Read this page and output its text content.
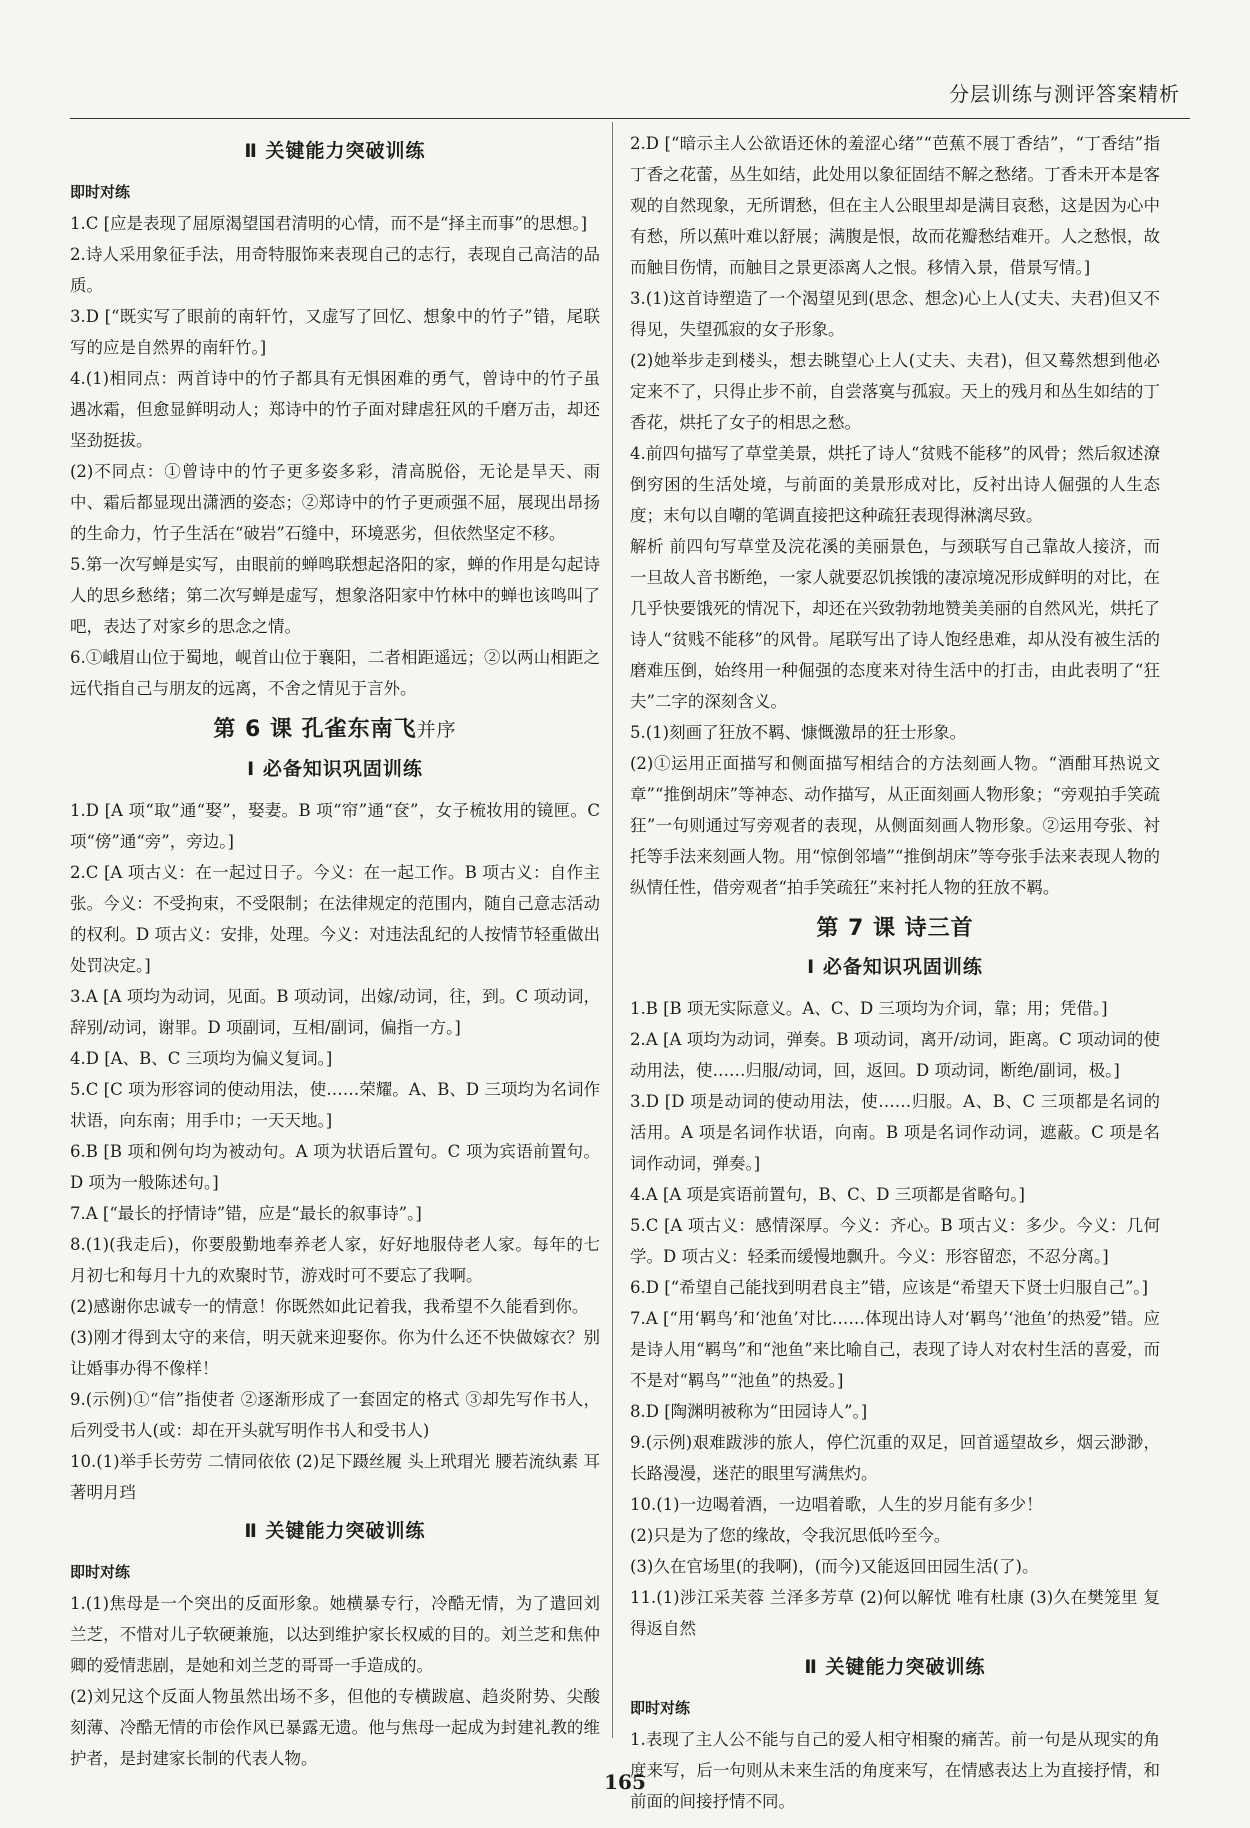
分层训练与测评答案精析
Ⅱ 关键能力突破训练
即时对练

1.C [应是表现了屈原渴望国君清明的心情，而不是“择主而事”的思想。]

2.诗人采用象征手法，用奇特服饰来表现自己的志行，表现自己高洁的品质。

3.D [“既实写了眼前的南轩竹，又虚写了回忆、想象中的竹子”错，尾联写的应是自然界的南轩竹。]

4.(1)相同点：两首诗中的竹子都具有无惧困难的勇气，曾诗中的竹子虽遇冰霜，但愈显鲜明动人；郑诗中的竹子面对肆虐狂风的千磨万击，却还坚劲挺拔。

(2)不同点：①曾诗中的竹子更多姿多彩，清高脱俗，无论是旱天、雨中、霜后都显现出潇洒的姿态；②郑诗中的竹子更顽强不屈，展现出昂扬的生命力，竹子生活在“破岩”石缝中，环境恶劣，但依然坚定不移。

5.第一次写蝉是实写，由眼前的蝉鸣联想起洛阳的家，蝉的作用是勾起诗人的思乡愁绪；第二次写蝉是虚写，想象洛阳家中竹林中的蝉也该鸣叫了吧，表达了对家乡的思念之情。

6.①峨眉山位于蜀地，岘首山位于襄阳，二者相距遥远；②以两山相距之远代指自己与朋友的远离，不舍之情见于言外。

第 6 课 孔雀东南飞并序
Ⅰ 必备知识巩固训练

1.D [A 项“取”通“娶”，娶妻。B 项“帘”通“奁”，女子梳妆用的镜匣。C 项“傍”通“旁”，旁边。]

2.C [A 项古义：在一起过日子。今义：在一起工作。B 项古义：自作主张。今义：不受拘束，不受限制；在法律规定的范围内，随自己意志活动的权利。D 项古义：安排，处理。今义：对违法乱纪的人按情节轻重做出处罚决定。]

3.A [A 项均为动词，见面。B 项动词，出嫁/动词，往，到。C 项动词，辞别/动词，谢罪。D 项副词，互相/副词，偏指一方。]

4.D [A、B、C 三项均为偏义复词。]

5.C [C 项为形容词的使动用法，使……荣耀。A、B、D 三项均为名词作状语，向东南；用手巾；一天天地。]

6.B [B 项和例句均为被动句。A 项为状语后置句。C 项为宾语前置句。D 项为一般陈述句。]

7.A [“最长的抒情诗”错，应是“最长的叙事诗”。]

8.(1)(我走后)，你要殷勤地奉养老人家，好好地服侍老人家。每年的七月初七和每月十九的欢聚时节，游戏时可不要忘了我啊。

(2)感谢你忠诚专一的情意！你既然如此记着我，我希望不久能看到你。

(3)刚才得到太守的来信，明天就来迎娶你。你为什么还不快做嫁衣？别让婚事办得不像样！

9.(示例)①“信”指使者 ②逐渐形成了一套固定的格式 ③却先写作书人，后列受书人(或：却在开头就写明作书人和受书人)

10.(1)举手长劳劳 二情同依依 (2)足下蹑丝履 头上玳瑁光 腰若流纨素 耳著明月珰

Ⅱ 关键能力突破训练
即时对练

1.(1)焦母是一个突出的反面形象。她横暴专行，冷酷无情，为了遣回刘兰芝，不惜对儿子软硬兼施，以达到维护家长权威的目的。刘兰芝和焦仲卿的爱情悲剧，是她和刘兰芝的哥哥一手造成的。

(2)刘兄这个反面人物虽然出场不多，但他的专横跋扈、趋炎附势、尖酸刻薄、冷酷无情的市侩作风已暴露无遗。他与焦母一起成为封建礼教的维护者，是封建家长制的代表人物。

2.D [“暗示主人公欲语还休的羞涩心绪”“芭蕉不展丁香结”，“丁香结”指丁香之花蕾，丛生如结，此处用以象征固结不解之愁绪。丁香未开本是客观的自然现象，无所谓愁，但在主人公眼里却是满目哀愁，这是因为心中有愁，所以蕉叶难以舒展；满腹是恨，故而花瓣愁结难开。人之愁恨，故而触目伤情，而触目之景更添离人之恨。移情入景，借景写情。]

3.(1)这首诗塑造了一个渴望见到(思念、想念)心上人(丈夫、夫君)但又不得见，失望孤寂的女子形象。

(2)她举步走到楼头，想去眺望心上人(丈夫、夫君)，但又蓦然想到他必定来不了，只得止步不前，自尝落寞与孤寂。天上的残月和丛生如结的丁香花，烘托了女子的相思之愁。

4.前四句描写了草堂美景，烘托了诗人“贫贱不能移”的风骨；然后叙述潦倒穷困的生活处境，与前面的美景形成对比，反衬出诗人倔强的人生态度；末句以自嘲的笔调直接把这种疏狂表现得淋漓尽致。

解析 前四句写草堂及浣花溪的美丽景色，与颈联写自己靠故人接济，而一旦故人音书断绝，一家人就要忍饥挨饿的凄凉境况形成鲜明的对比，在几乎快要饿死的情况下，却还在兴致勃勃地赞美美丽的自然风光，烘托了诗人“贫贱不能移”的风骨。尾联写出了诗人饱经患难，却从没有被生活的磨难压倒，始终用一种倔强的态度来对待生活中的打击，由此表明了“狂夫”二字的深刻含义。

5.(1)刻画了狂放不羁、慷慨激昂的狂士形象。

(2)①运用正面描写和侧面描写相结合的方法刻画人物。“酒酣耳热说文章”“推倒胡床”等神态、动作描写，从正面刻画人物形象；“旁观拍手笑疏狂”一句则通过写旁观者的表现，从侧面刻画人物形象。②运用夸张、衬托等手法来刻画人物。用“惊倒邻墙”“推倒胡床”等夸张手法来表现人物的纵情任性，借旁观者“拍手笑疏狂”来衬托人物的狂放不羁。

第 7 课 诗三首
Ⅰ 必备知识巩固训练

1.B [B 项无实际意义。A、C、D 三项均为介词，靠；用；凭借。]

2.A [A 项均为动词，弹奏。B 项动词，离开/动词，距离。C 项动词的使动用法，使……归服/动词，回，返回。D 项动词，断绝/副词，极。]

3.D [D 项是动词的使动用法，使……归服。A、B、C 三项都是名词的活用。A 项是名词作状语，向南。B 项是名词作动词，遮蔽。C 项是名词作动词，弹奏。]

4.A [A 项是宾语前置句，B、C、D 三项都是省略句。]

5.C [A 项古义：感情深厚。今义：齐心。B 项古义：多少。今义：几何学。D 项古义：轻柔而缓慢地飘升。今义：形容留恋，不忍分离。]

6.D [“希望自己能找到明君良主”错，应该是“希望天下贤士归服自己”。]

7.A [“用‘羁鸟’和‘池鱼’对比……体现出诗人对‘羁鸟’‘池鱼’的热爱”错。应是诗人用“羁鸟”和“池鱼”来比喻自己，表现了诗人对农村生活的喜爱，而不是对“羁鸟”“池鱼”的热爱。]

8.D [陶渊明被称为“田园诗人”。]

9.(示例)艰难跋涉的旅人，停伫沉重的双足，回首遥望故乡，烟云渺渺，长路漫漫，迷茫的眼里写满焦灼。

10.(1)一边喝着酒，一边唱着歌，人生的岁月能有多少！

(2)只是为了您的缘故，令我沉思低吟至今。

(3)久在官场里(的我啊)，(而今)又能返回田园生活(了)。

11.(1)涉江采芙蓉 兰泽多芳草 (2)何以解忧 唯有杜康 (3)久在樊笼里 复得返自然

Ⅱ 关键能力突破训练
即时对练

1.表现了主人公不能与自己的爱人相守相聚的痛苦。前一句是从现实的角度来写，后一句则从未来生活的角度来写，在情感表达上为直接抒情，和前面的间接抒情不同。

165
